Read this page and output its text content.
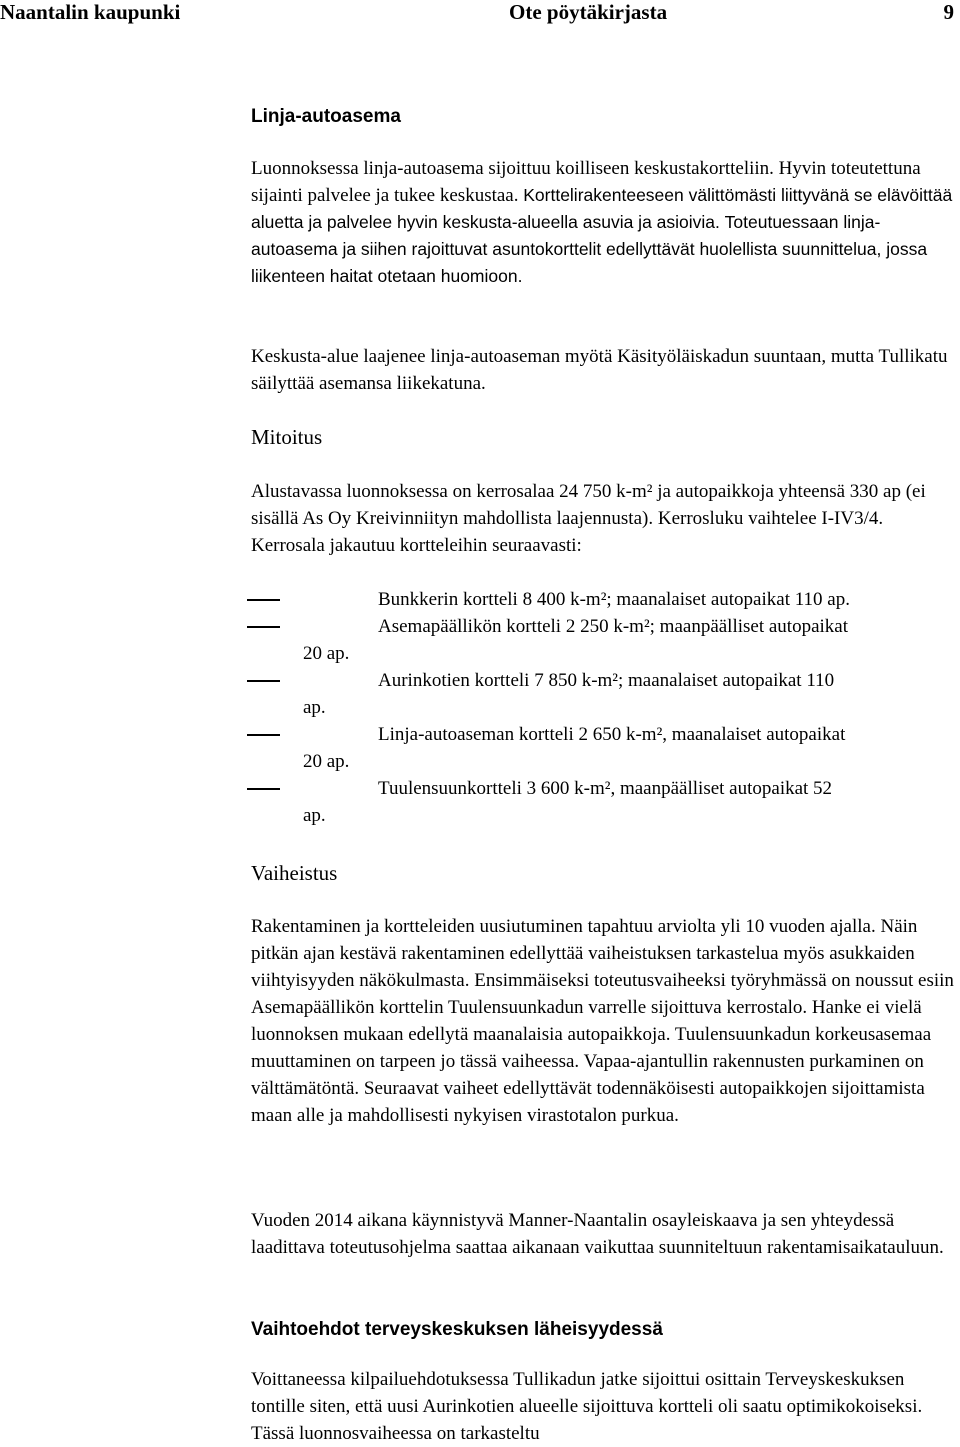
Naantalin kaupunki	Ote pöytäkirjasta	9

Linja-autoasema

Luonnoksessa linja-autoasema sijoittuu koilliseen keskustakortteliin. Hyvin toteutettuna sijainti palvelee ja tukee keskustaa. Korttelirakenteeseen välittömästi liittyvänä se elävöittää aluetta ja palvelee hyvin keskusta-alueella asuvia ja asioivia. Toteutuessaan linja-autoasema ja siihen rajoittuvat asuntokorttelit edellyttävät huolellista suunnittelua, jossa liikenteen haitat otetaan huomioon.

Keskusta-alue laajenee linja-autoaseman myötä Käsityöläiskadun suuntaan, mutta Tullikatu säilyttää asemansa liikekatuna.

Mitoitus

Alustavassa luonnoksessa on kerrosalaa 24 750 k-m² ja autopaikkoja yhteensä 330 ap (ei sisällä As Oy Kreivinniityn mahdollista laajennusta). Kerrosluku vaihtelee I-IV3/4. Kerrosala jakautuu kortteleihin seuraavasti:

Bunkkerin kortteli 8 400 k-m²; maanalaiset autopaikat 110 ap.
Asemapäällikön kortteli 2 250 k-m²; maanpäälliset autopaikat
20 ap.
Aurinkotien kortteli 7 850 k-m²; maanalaiset autopaikat 110
ap.
Linja-autoaseman kortteli 2 650 k-m², maanalaiset autopaikat
20 ap.
Tuulensuunkortteli 3 600 k-m², maanpäälliset autopaikat 52
ap.

Vaiheistus

Rakentaminen ja kortteleiden uusiutuminen tapahtuu arviolta yli 10 vuoden ajalla. Näin pitkän ajan kestävä rakentaminen edellyttää vaiheistuksen tarkastelua myös asukkaiden viihtyisyyden näkökulmasta. Ensimmäiseksi toteutusvaiheeksi työryhmässä on noussut esiin Asemapäällikön korttelin Tuulensuunkadun varrelle sijoittuva kerrostalo. Hanke ei vielä luonnoksen mukaan edellytä maanalaisia autopaikkoja. Tuulensuunkadun korkeusasemaa muuttaminen on tarpeen jo tässä vaiheessa. Vapaa-ajantullin rakennusten purkaminen on välttämätöntä. Seuraavat vaiheet edellyttävät todennäköisesti autopaikkojen sijoittamista maan alle ja mahdollisesti nykyisen virastotalon purkua.

Vuoden 2014 aikana käynnistyvä Manner-Naantalin osayleiskaava ja sen yhteydessä laadittava toteutusohjelma saattaa aikanaan vaikuttaa suunniteltuun rakentamisaikatauluun.

Vaihtoehdot terveyskeskuksen läheisyydessä

Voittaneessa kilpailuehdotuksessa Tullikadun jatke sijoittui osittain Terveyskeskuksen tontille siten, että uusi Aurinkotien alueelle sijoittuva kortteli oli saatu optimikokoiseksi. Tässä luonnosvaiheessa on tarkasteltu
